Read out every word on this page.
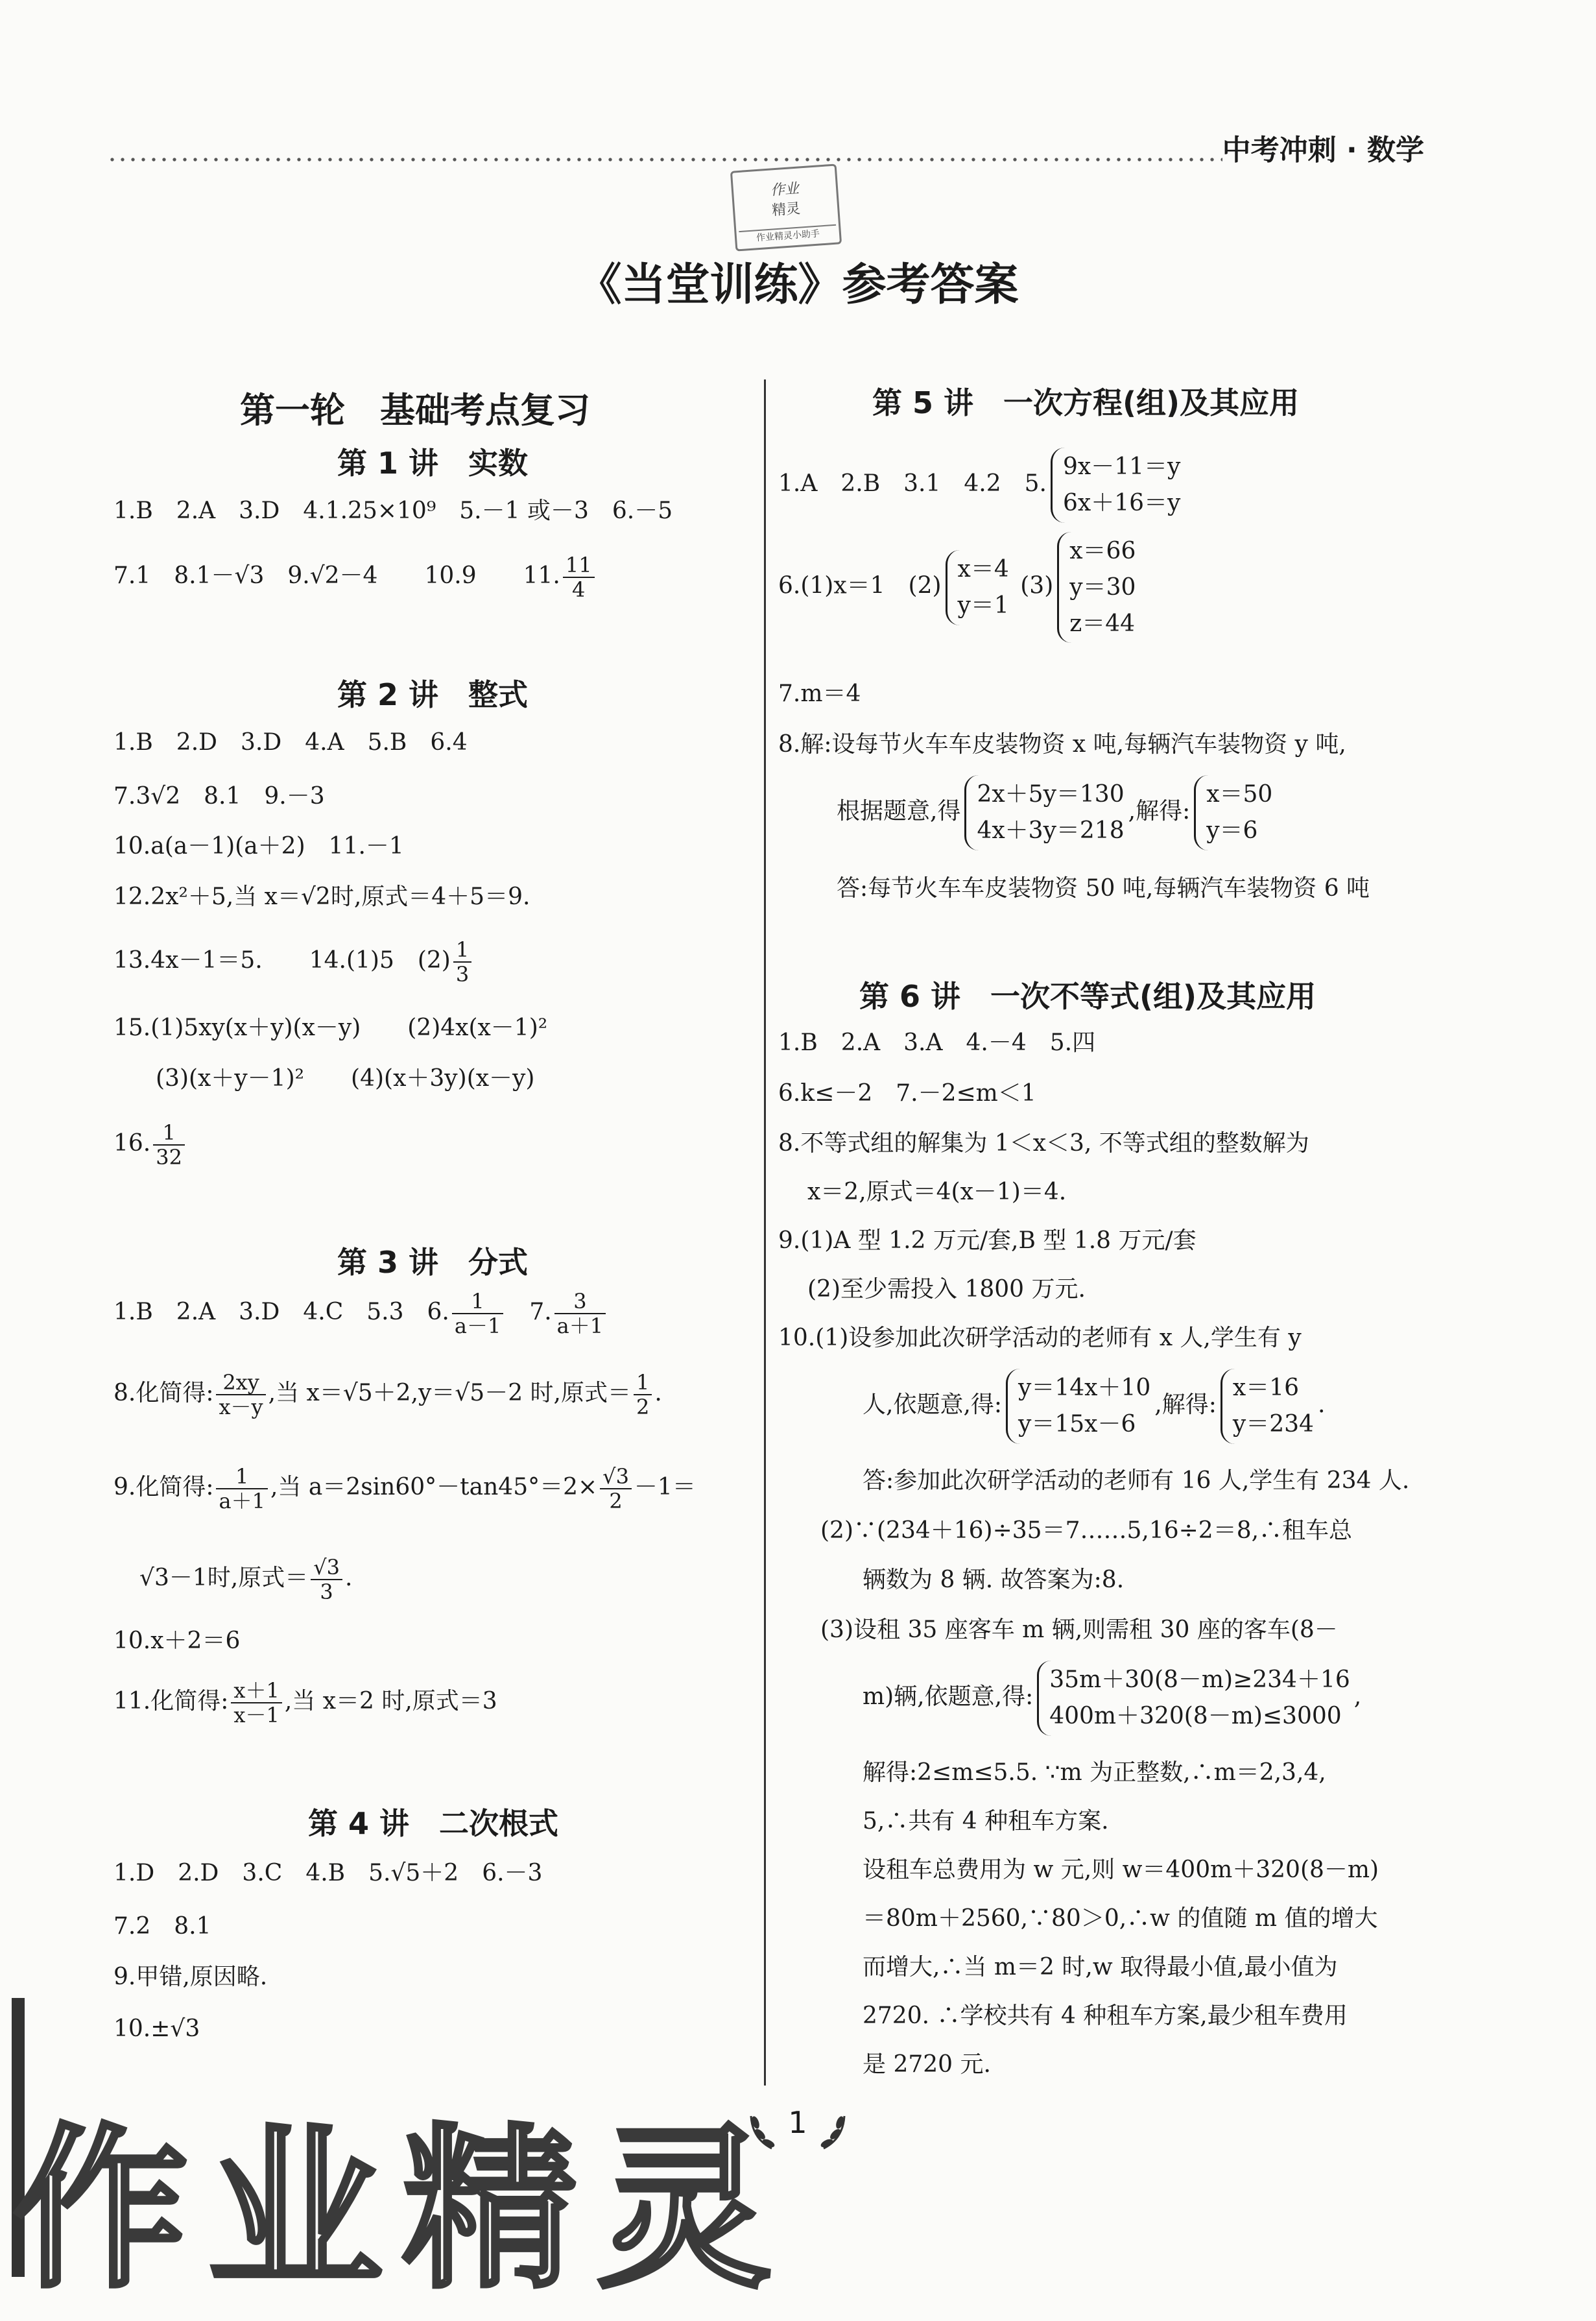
中考冲刺 · 数学
作业
精灵
作业精灵小助手
《当堂训练》参考答案
第一轮　基础考点复习
第 1 讲　实数
1.B　2.A　3.D　4.1.25×10⁹　5.－1 或－3　6.－5
7.1　8.1－√3　9.√2－4　　10.9　　11. $\frac{11}{4}$
第 2 讲　整式
1.B　2.D　3.D　4.A　5.B　6.4
7.3√2　8.1　9.－3
10.a(a－1)(a＋2)　11.－1
12.2x²＋5,当 x＝√2时,原式＝4＋5＝9.
13.4x－1＝5.　　14.(1)5　$(2) \frac{1}{3}$
15.(1)5xy(x＋y)(x－y)　　(2)4x(x－1)²
(3)(x＋y－1)²　　(4)(x＋3y)(x－y)
16. $\frac{1}{32}$
第 3 讲　分式
1.B　2.A　3.D　4.C　5.3　6. $\frac{1}{a-1}$ 　7. $\frac{3}{a+1}$
8.化简得: $\frac{2xy}{x-y}$ ,当 x＝√5＋2,y＝√5－2 时,原式＝ $\frac{1}{2}$ .
9.化简得: $\frac{1}{a+1}$ ,当 $a=2\sin 60^\circ-\tan 45^\circ=2\times \frac{√3}{2} -1=$
√3－1时,原式＝ $\frac{√3}{3}$ .
10.x＋2＝6
11.化简得: $\frac{x+1}{x-1}$ ,当 x＝2 时,原式＝3
第 4 讲　二次根式
1.D　2.D　3.C　4.B　5.√5＋2　6.－3
7.2　8.1
9.甲错,原因略.
10.±√3
第 5 讲　一次方程(组)及其应用
1.A　2.B　3.1　4.2　5.
9x－11＝y
6x＋16＝y
6.(1)x＝1　(2)
x＝4
y＝1
(3)
x＝66
y＝30
z＝44
7.m＝4
8.解:设每节火车车皮装物资 x 吨,每辆汽车装物资 y 吨,
根据题意,得
2x＋5y＝130
4x＋3y＝218
,解得:
x＝50
y＝6
答:每节火车车皮装物资 50 吨,每辆汽车装物资 6 吨
第 6 讲　一次不等式(组)及其应用
1.B　2.A　3.A　4.－4　5.四
6.k≤－2　7.－2≤m＜1
8.不等式组的解集为 1＜x＜3, 不等式组的整数解为
x＝2,原式＝4(x－1)＝4.
9.(1)A 型 1.2 万元/套,B 型 1.8 万元/套
(2)至少需投入 1800 万元.
10.(1)设参加此次研学活动的老师有 x 人,学生有 y
人,依题意,得:
y＝14x＋10
y＝15x－6
,解得:
x＝16
y＝234
.
答:参加此次研学活动的老师有 16 人,学生有 234 人.
(2)∵(234＋16)÷35＝7……5,16÷2＝8,∴租车总
辆数为 8 辆. 故答案为:8.
(3)设租 35 座客车 m 辆,则需租 30 座的客车(8－
m)辆,依题意,得:
35m＋30(8－m)≥234＋16
400m＋320(8－m)≤3000
,
解得:2≤m≤5.5. ∵m 为正整数,∴m＝2,3,4,
5,∴共有 4 种租车方案.
设租车总费用为 w 元,则 w＝400m＋320(8－m)
＝80m＋2560,∵80＞0,∴w 的值随 m 值的增大
而增大,∴当 m＝2 时,w 取得最小值,最小值为
2720. ∴学校共有 4 种租车方案,最少租车费用
是 2720 元.
1
作业精灵
